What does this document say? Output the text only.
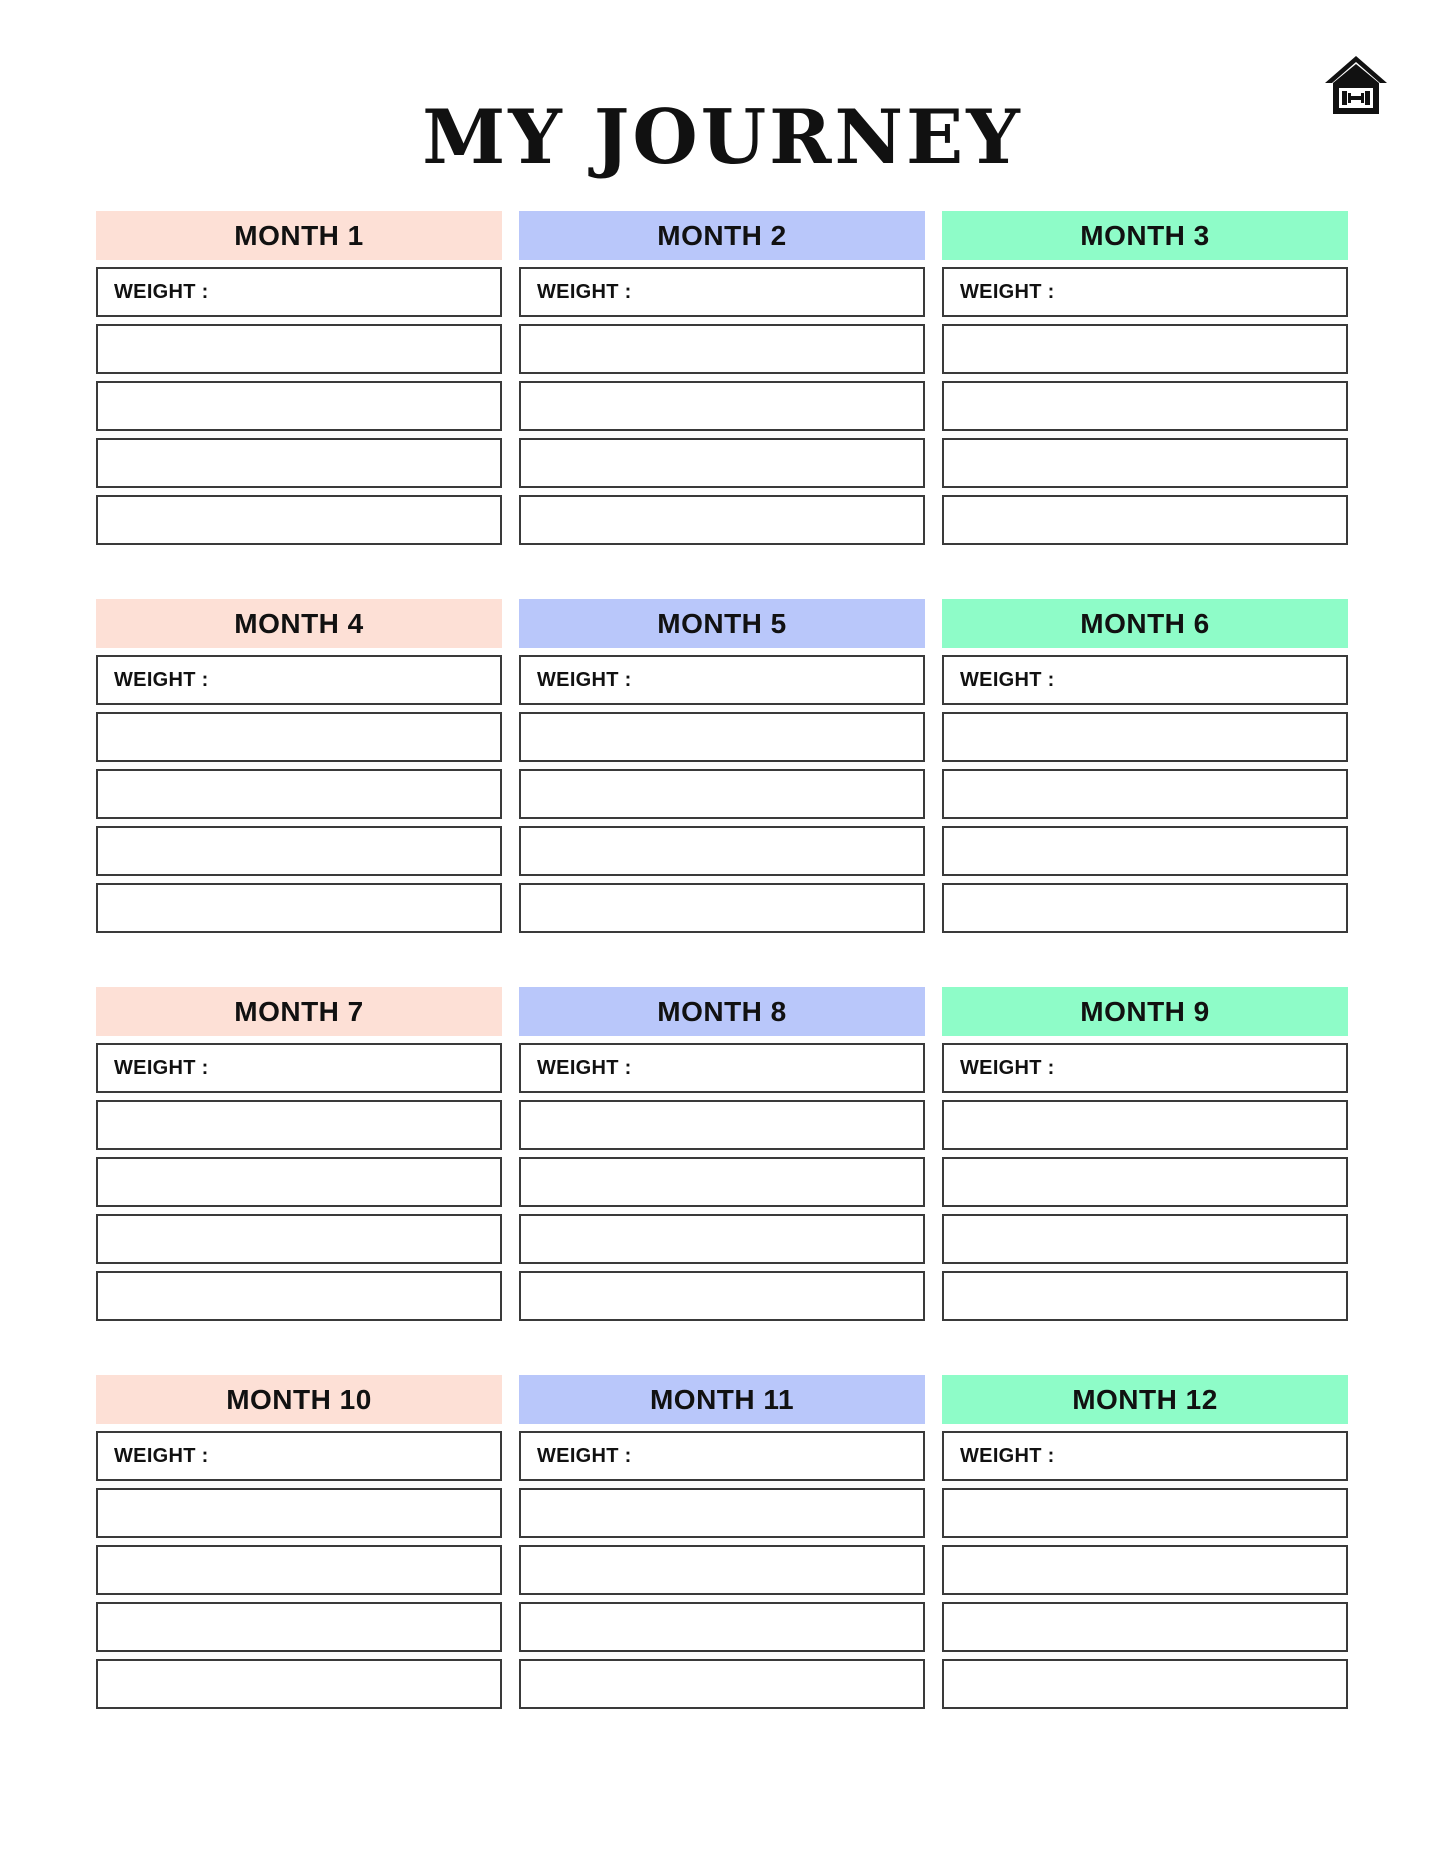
MY JOURNEY
MONTH 1
WEIGHT :
MONTH 2
WEIGHT :
MONTH 3
WEIGHT :
MONTH 4
WEIGHT :
MONTH 5
WEIGHT :
MONTH 6
WEIGHT :
MONTH 7
WEIGHT :
MONTH 8
WEIGHT :
MONTH 9
WEIGHT :
MONTH 10
WEIGHT :
MONTH 11
WEIGHT :
MONTH 12
WEIGHT :
